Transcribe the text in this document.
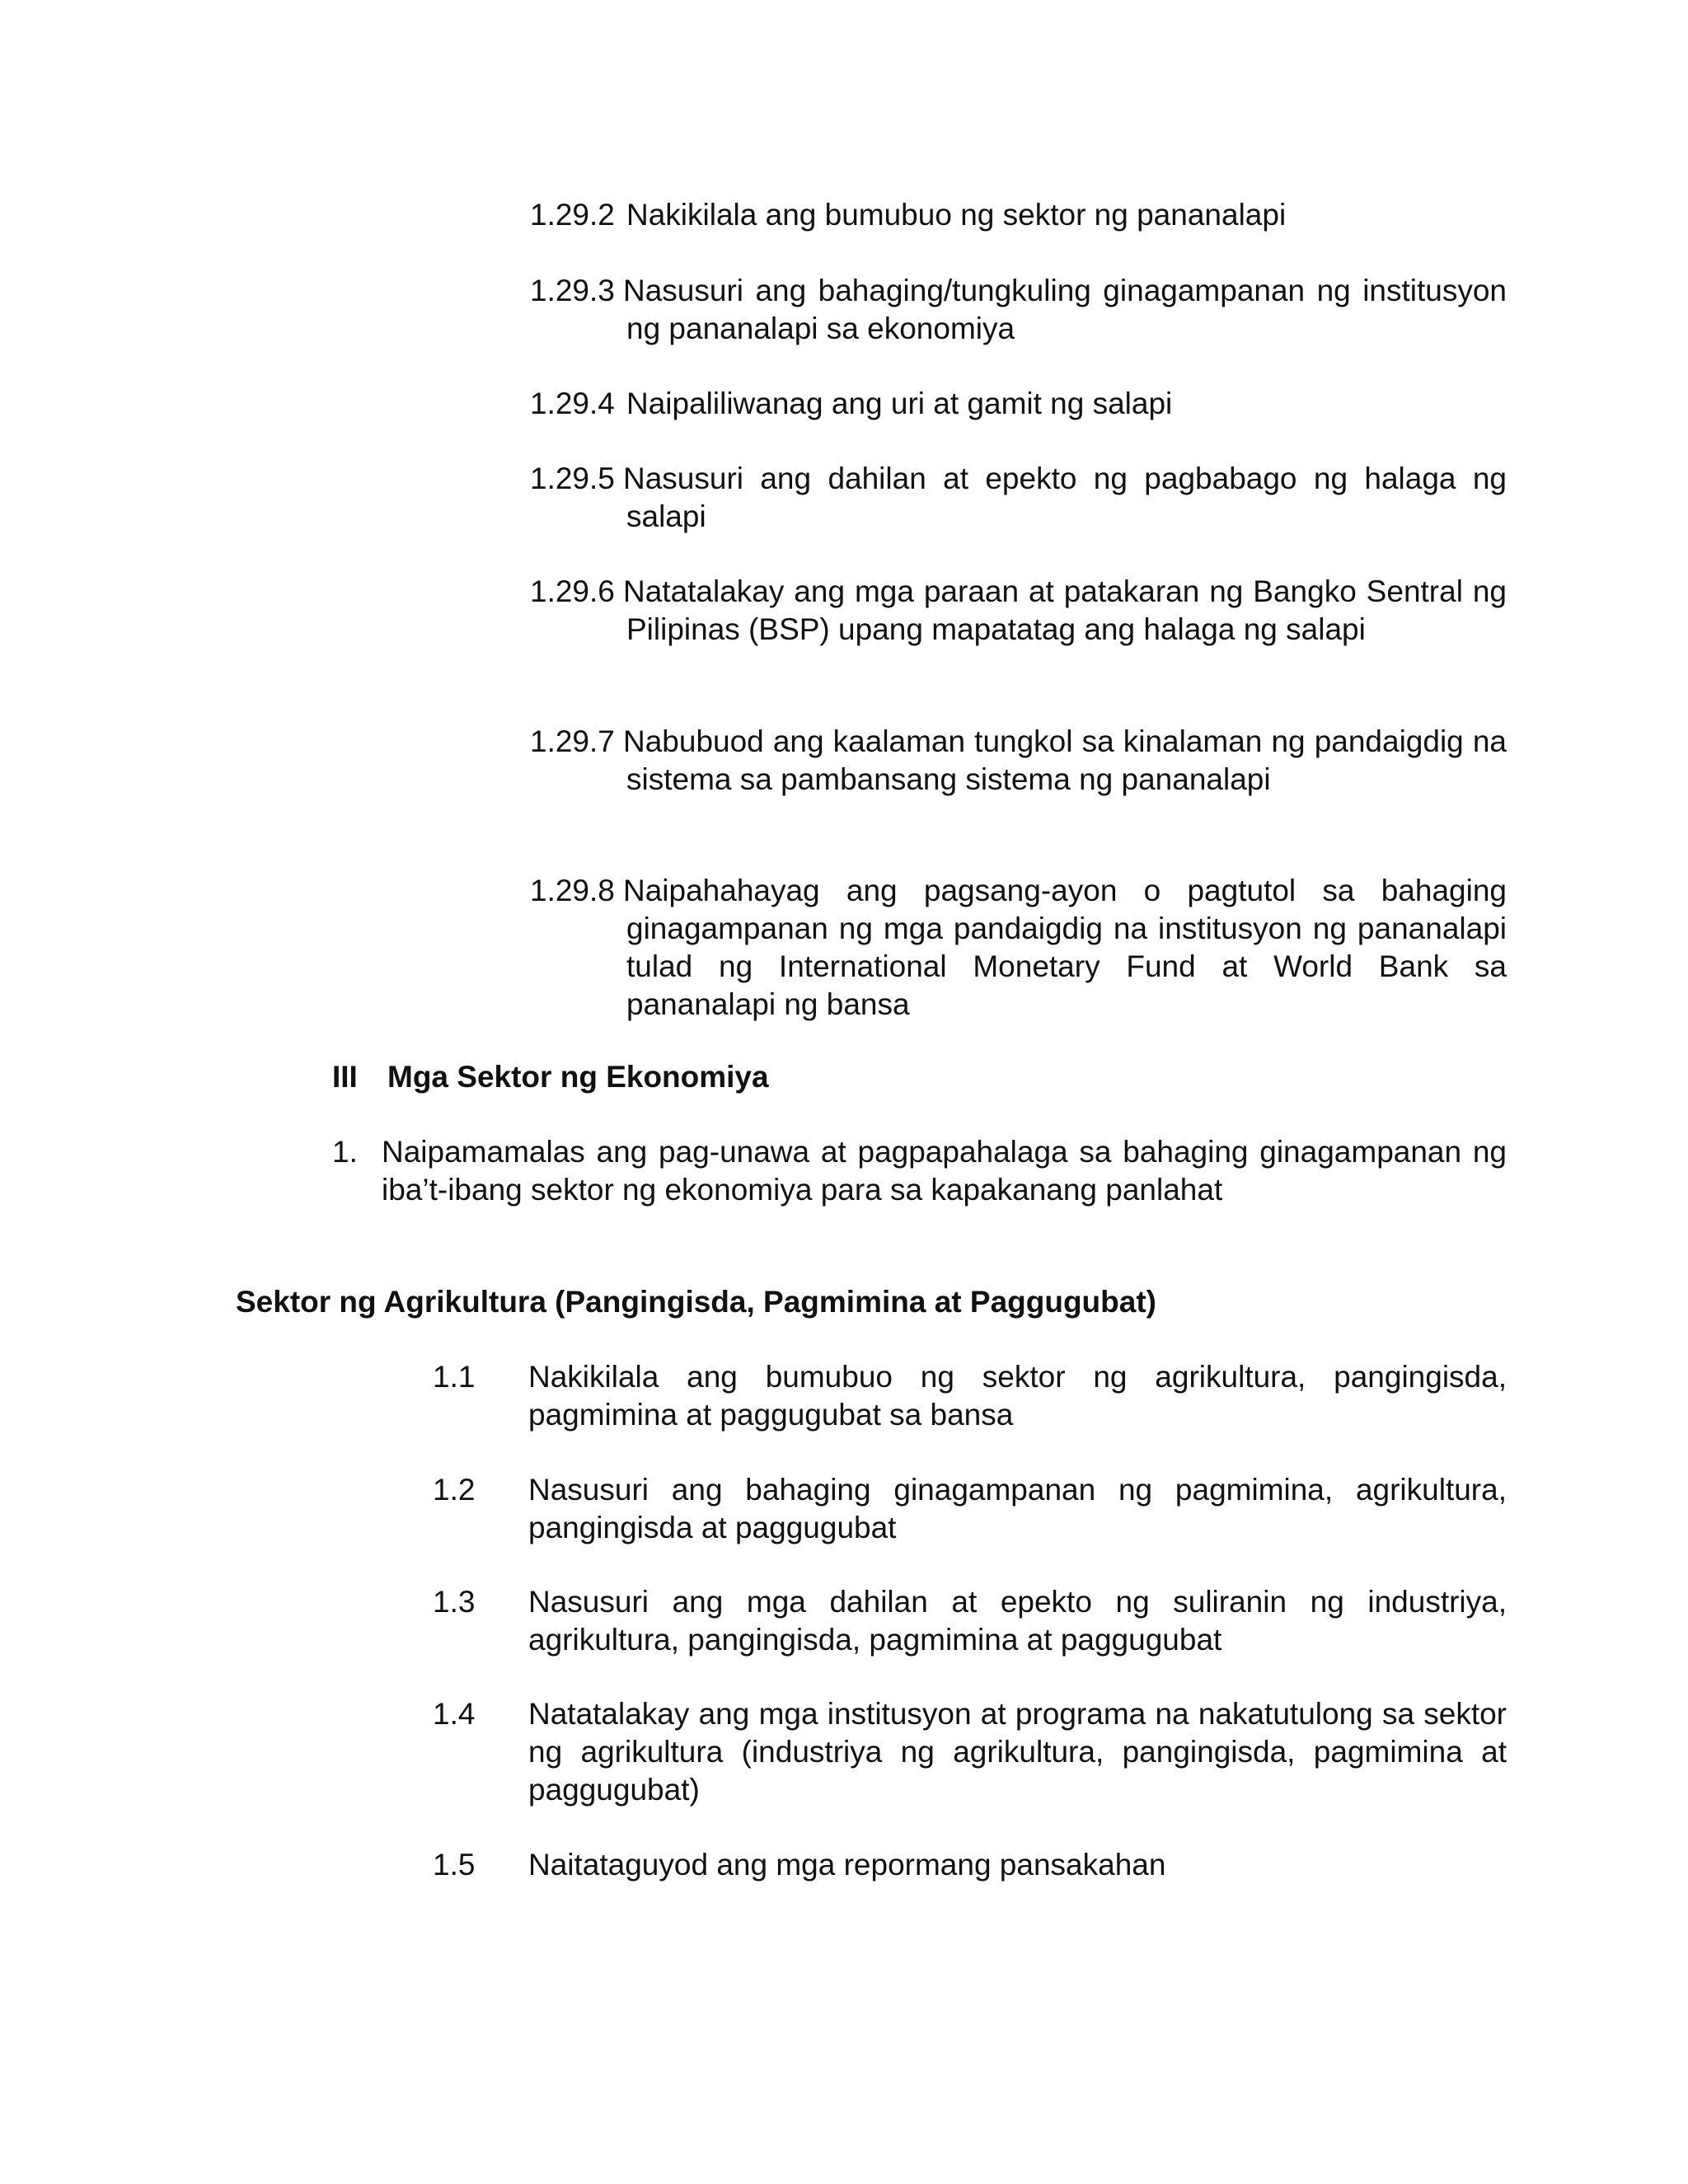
1.29.2 Nakikilala ang bumubuo ng sektor ng pananalapi
1.29.3 Nasusuri ang bahaging/tungkuling ginagampanan ng institusyon ng pananalapi sa ekonomiya
1.29.4 Naipaliliwanag ang uri at gamit ng salapi
1.29.5 Nasusuri ang dahilan at epekto ng pagbabago ng halaga ng salapi
1.29.6 Natatalakay ang mga paraan at patakaran ng Bangko Sentral ng Pilipinas (BSP) upang mapatatag ang halaga ng salapi
1.29.7 Nabubuod ang kaalaman tungkol sa kinalaman ng pandaigdig na sistema sa pambansang sistema ng pananalapi
1.29.8 Naipahahayag ang pagsang-ayon o pagtutol sa bahaging ginagampanan ng mga pandaigdig na institusyon ng pananalapi tulad ng International Monetary Fund at World Bank sa pananalapi ng bansa
III Mga Sektor ng Ekonomiya
1. Naipamamalas ang pag-unawa at pagpapahalaga sa bahaging ginagampanan ng iba’t-ibang sektor ng ekonomiya para sa kapakanang panlahat
Sektor ng Agrikultura (Pangingisda, Pagmimina at Paggugubat)
1.1 Nakikilala ang bumubuo ng sektor ng agrikultura, pangingisda, pagmimina at paggugubat sa bansa
1.2 Nasusuri ang bahaging ginagampanan ng pagmimina, agrikultura, pangingisda at paggugubat
1.3 Nasusuri ang mga dahilan at epekto ng suliranin ng industriya, agrikultura, pangingisda, pagmimina at paggugubat
1.4 Natatalakay ang mga institusyon at programa na nakatutulong sa sektor ng agrikultura (industriya ng agrikultura, pangingisda, pagmimina at paggugubat)
1.5 Naitataguyod ang mga repormang pansakahan
